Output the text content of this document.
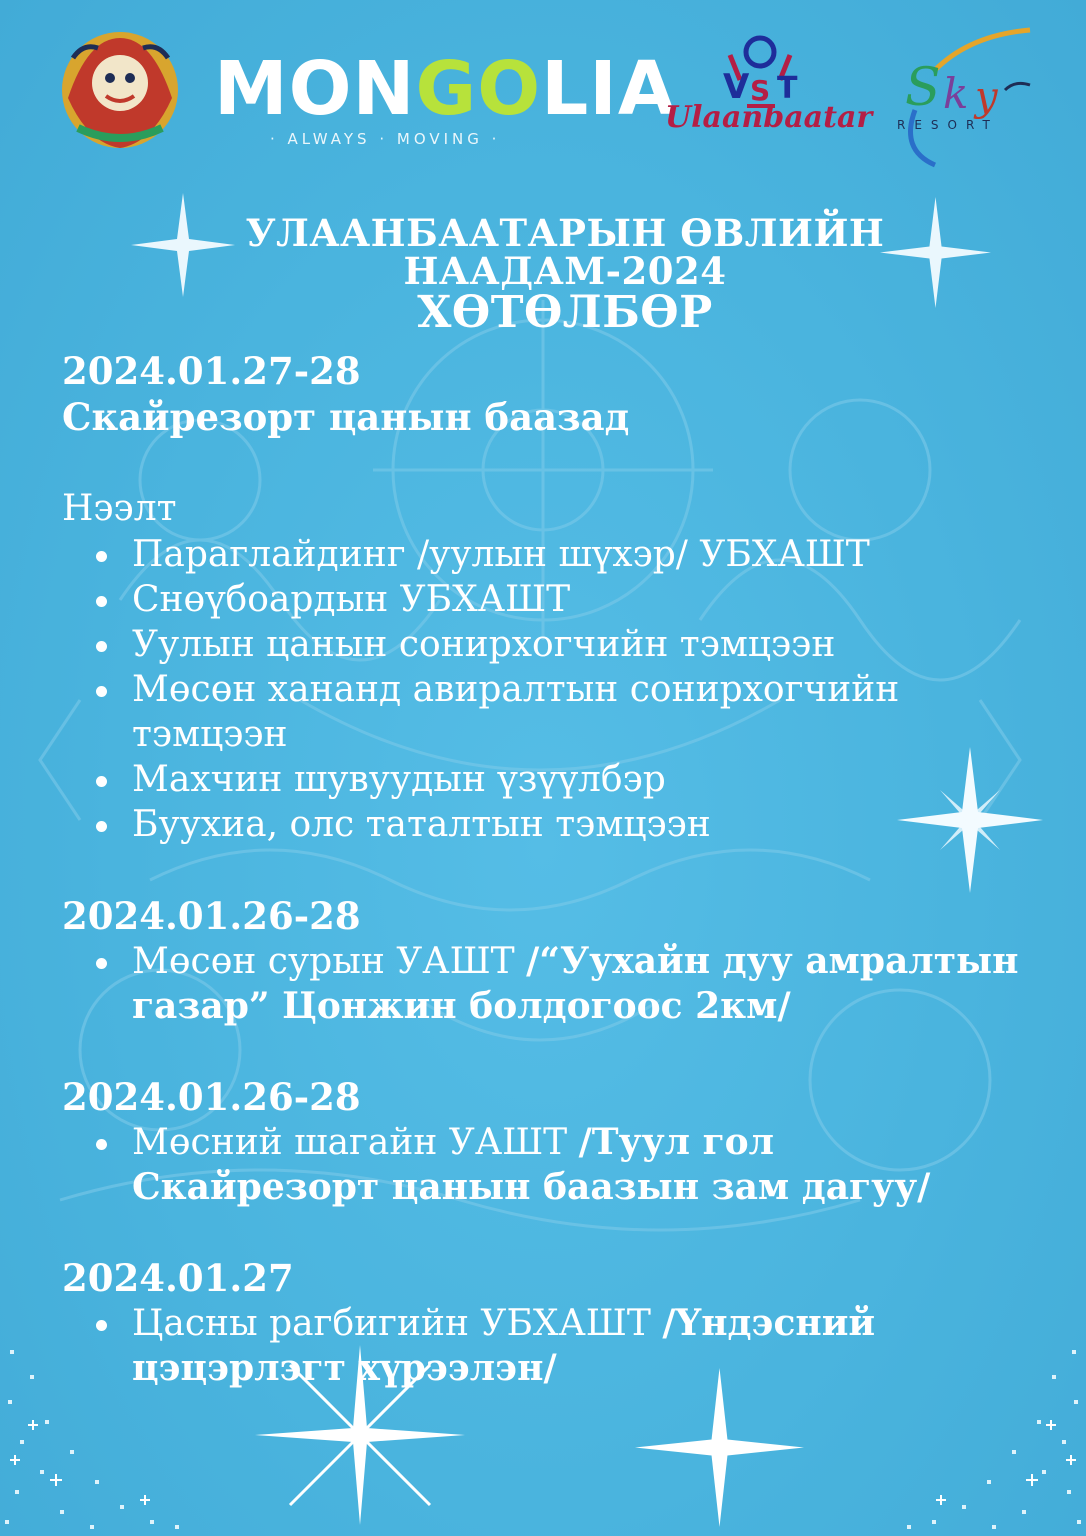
MONGOLIA
· ALWAYS · MOVING ·
V S T
Ulaanbaatar S k y
RESORT
УЛААНБААТАРЫН ӨВЛИЙН
НААДАМ-2024
ХӨТӨЛБӨР
2024.01.27-28
Скайрезорт цанын баазад
Нээлт
Параглайдинг /уулын шүхэр/ УБХАШТ
Снөүбоардын УБХАШТ
Уулын цанын сонирхогчийн тэмцээн
Мөсөн хананд авиралтын сонирхогчийн тэмцээн
Махчин шувуудын үзүүлбэр
Буухиа, олс таталтын тэмцээн
2024.01.26-28
Мөсөн сурын УАШТ /“Уухайн дуу амралтын газар” Цонжин болдогоос 2км/
2024.01.26-28
Мөсний шагайн УАШТ /Туул гол Скайрезорт цанын баазын зам дагуу/
2024.01.27
Цасны рагбигийн УБХАШТ /Үндэсний цэцэрлэгт хүрээлэн/
